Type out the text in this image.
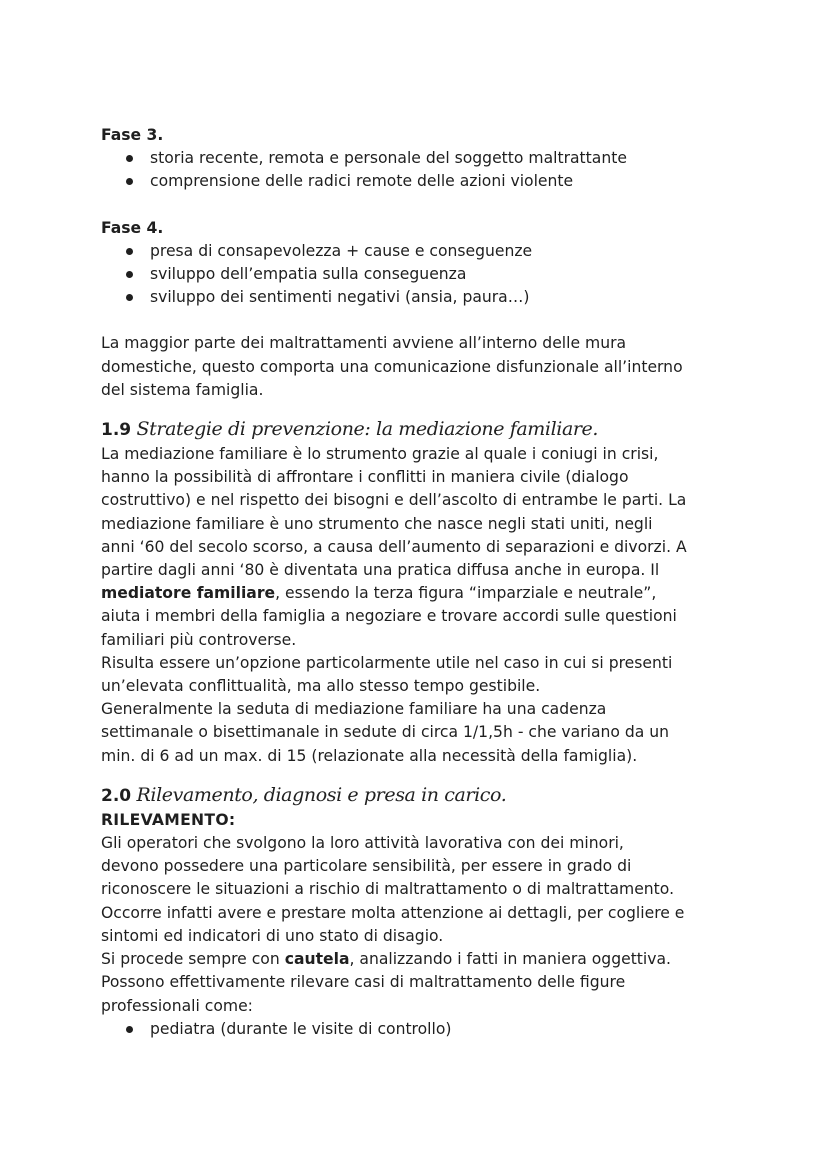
Fase 3.

storia recente, remota e personale del soggetto maltrattante
comprensione delle radici remote delle azioni violente

Fase 4.

presa di consapevolezza + cause e conseguenze
sviluppo dell’empatia sulla conseguenza
sviluppo dei sentimenti negativi (ansia, paura…)

La maggior parte dei maltrattamenti avviene all’interno delle mura

domestiche, questo comporta una comunicazione disfunzionale all’interno

del sistema famiglia.

1.9 Strategie di prevenzione: la mediazione familiare.

La mediazione familiare è lo strumento grazie al quale i coniugi in crisi,

hanno la possibilità di affrontare i conflitti in maniera civile (dialogo

costruttivo) e nel rispetto dei bisogni e dell’ascolto di entrambe le parti. La

mediazione familiare è uno strumento che nasce negli stati uniti, negli

anni ‘60 del secolo scorso, a causa dell’aumento di separazioni e divorzi. A

partire dagli anni ‘80 è diventata una pratica diffusa anche in europa. Il

mediatore familiare, essendo la terza figura “imparziale e neutrale”,

aiuta i membri della famiglia a negoziare e trovare accordi sulle questioni

familiari più controverse.

Risulta essere un’opzione particolarmente utile nel caso in cui si presenti

un’elevata conflittualità, ma allo stesso tempo gestibile.

Generalmente la seduta di mediazione familiare ha una cadenza

settimanale o bisettimanale in sedute di circa 1/1,5h - che variano da un

min. di 6 ad un max. di 15 (relazionate alla necessità della famiglia).

2.0 Rilevamento, diagnosi e presa in carico.

RILEVAMENTO:

Gli operatori che svolgono la loro attività lavorativa con dei minori,

devono possedere una particolare sensibilità, per essere in grado di

riconoscere le situazioni a rischio di maltrattamento o di maltrattamento.

Occorre infatti avere e prestare molta attenzione ai dettagli, per cogliere e

sintomi ed indicatori di uno stato di disagio.

Si procede sempre con cautela, analizzando i fatti in maniera oggettiva.

Possono effettivamente rilevare casi di maltrattamento delle figure

professionali come:

pediatra (durante le visite di controllo)
